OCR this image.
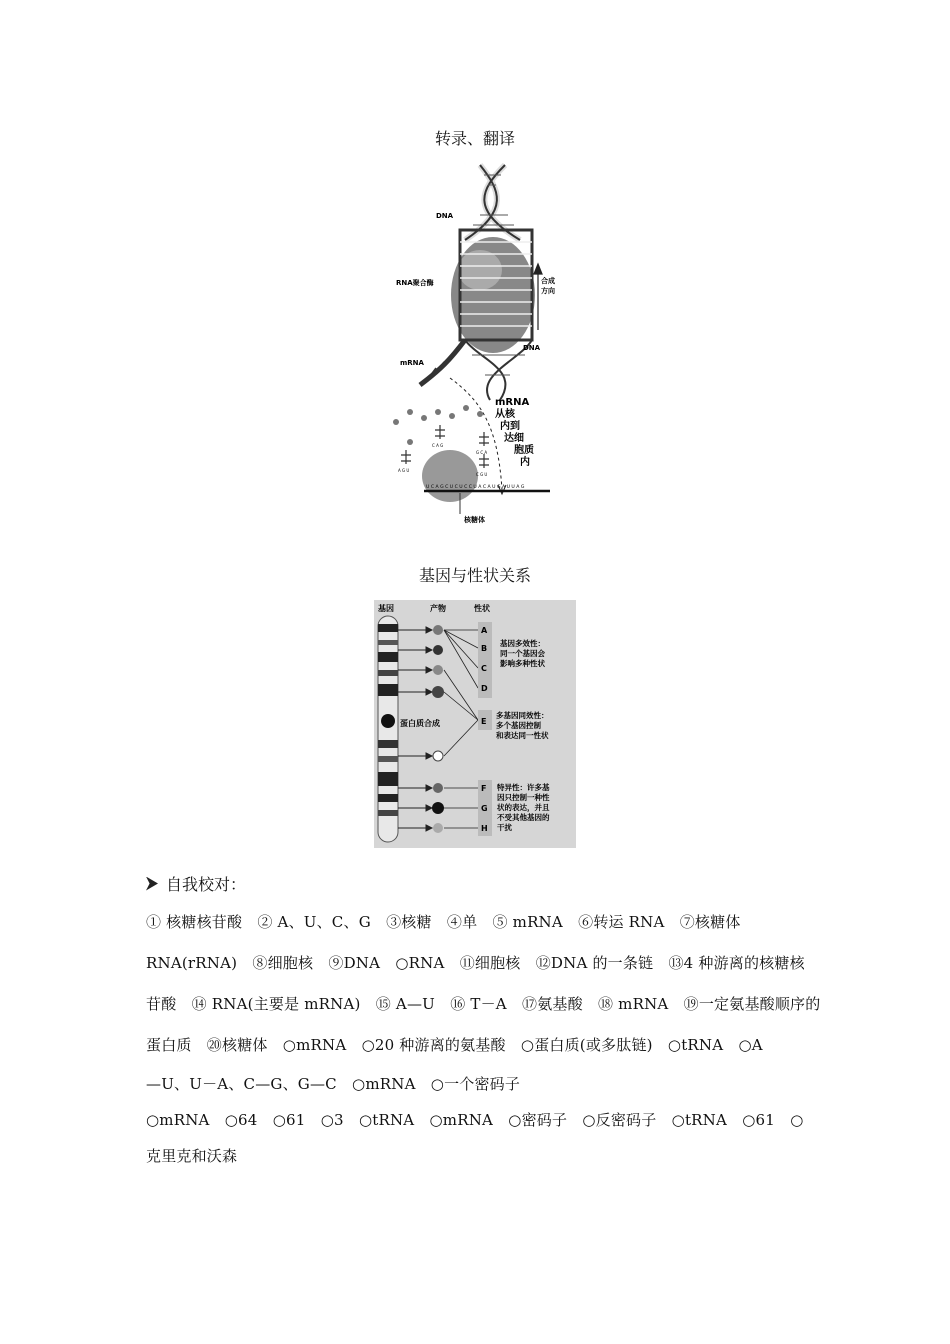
转录、翻译
DNA
RNA聚合酶	合成
方向
DNA
mRNA
mRNA
从核
内到
达细
胞质
内
A G U
C A G
G C A
C G U
U C A G C U C U C C U A C A U G A U U A G
核糖体
基因与性状关系
基因	产物	性状
蛋白质合成
A
B
C
D
E
F
G
H
基因多效性：
同一个基因会
影响多种性状
多基因同效性：
多个基因控制
和表达同一性状
特异性：许多基
因只控制一种性
状的表达，并且
不受其他基因的
干扰
自我校对：
① 核糖核苷酸　② A、U、C、G　③核糖　④单　⑤ mRNA　⑥转运 RNA　⑦核糖体
RNA(rRNA)　⑧细胞核　⑨DNA　○RNA　⑪细胞核　⑫DNA 的一条链　⑬4 种游离的核糖核
苷酸　⑭ RNA(主要是 mRNA)　⑮ A—U　⑯ T－A　⑰氨基酸　⑱ mRNA　⑲一定氨基酸顺序的
蛋白质　⑳核糖体　○mRNA　○20 种游离的氨基酸　○蛋白质(或多肽链)　○tRNA　○A
—U、U－A、C—G、G—C　○mRNA　○一个密码子
○mRNA　○64　○61　○3　○tRNA　○mRNA　○密码子　○反密码子　○tRNA　○61　○
克里克和沃森
